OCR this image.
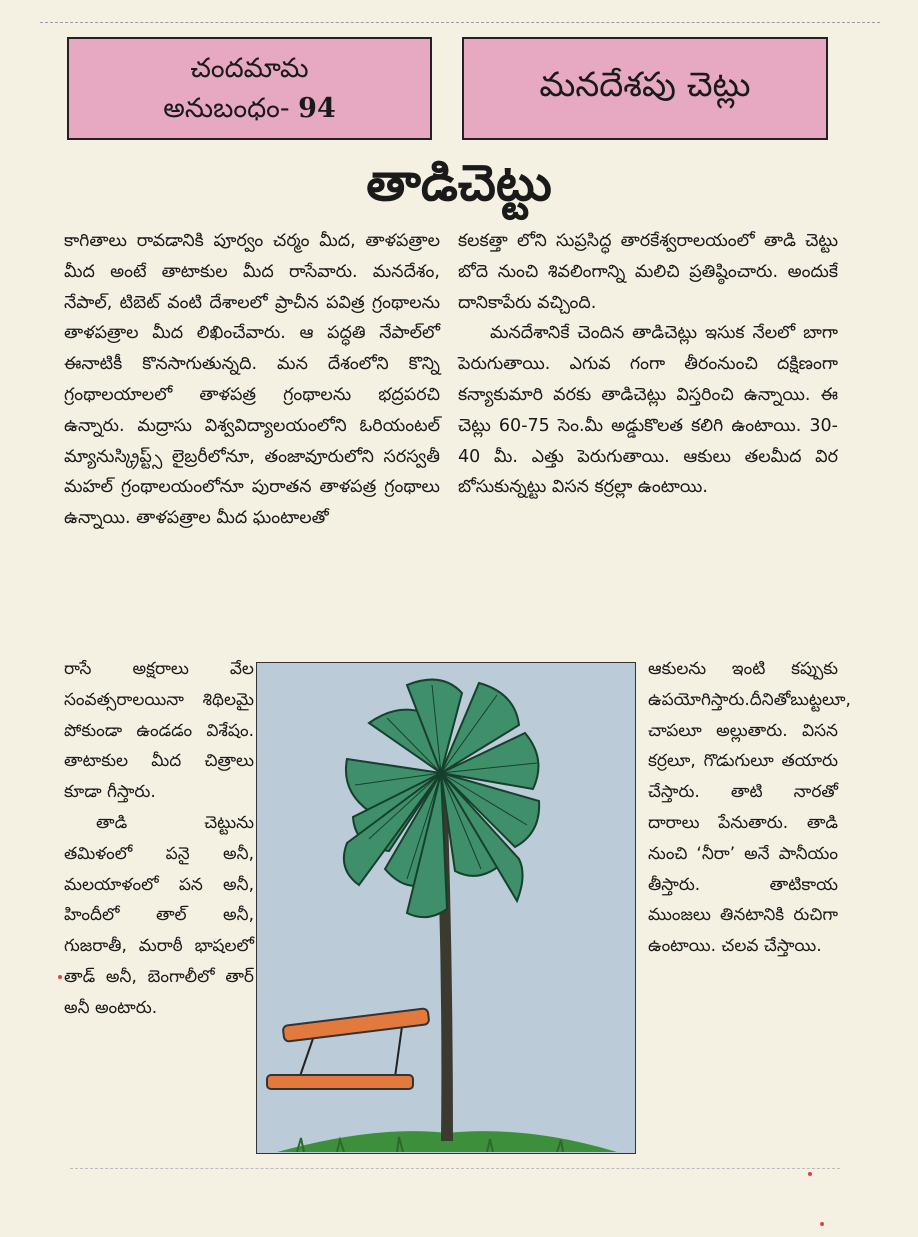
చందమామ
అనుబంధం- 94
మనదేశపు చెట్లు
తాడిచెట్టు

కాగితాలు రావడానికి పూర్వం చర్మం మీద, తాళపత్రాల మీద అంటే తాటాకుల మీద రాసేవారు. మనదేశం, నేపాల్, టిబెట్ వంటి దేశాలలో ప్రాచీన పవిత్ర గ్రంథాలను తాళపత్రాల మీద లిఖించేవారు. ఆ పద్ధతి నేపాల్‌లో ఈనాటికీ కొనసాగుతున్నది. మన దేశంలోని కొన్ని గ్రంథాలయాలలో తాళపత్ర గ్రంథాలను భద్రపరచి ఉన్నారు. మద్రాసు విశ్వవిద్యాలయంలోని ఓరియంటల్ మ్యానుస్క్రిప్ట్స్ లైబ్రరీలోనూ, తంజావూరులోని సరస్వతీ మహల్ గ్రంథాలయంలోనూ పురాతన తాళపత్ర గ్రంథాలు ఉన్నాయి. తాళపత్రాల మీద ఘంటాలతో

కలకత్తా లోని సుప్రసిద్ధ తారకేశ్వరాలయంలో తాడి చెట్టు బోదె నుంచి శివలింగాన్ని మలిచి ప్రతిష్ఠించారు. అందుకే దానికాపేరు వచ్చింది.

మనదేశానికే చెందిన తాడిచెట్లు ఇసుక నేలలో బాగా పెరుగుతాయి. ఎగువ గంగా తీరంనుంచి దక్షిణంగా కన్యాకుమారి వరకు తాడిచెట్లు విస్తరించి ఉన్నాయి. ఈ చెట్లు 60-75 సెం.మీ అడ్డుకొలత కలిగి ఉంటాయి. 30-40 మీ. ఎత్తు పెరుగుతాయి. ఆకులు తలమీద విర బోసుకున్నట్టు విసన కర్రల్లా ఉంటాయి.

రాసే అక్షరాలు వేల సంవత్సరాలయినా శిథిలమై పోకుండా ఉండడం విశేషం. తాటాకుల మీద చిత్రాలు కూడా గీస్తారు.

తాడి చెట్టును తమిళంలో పనై అనీ, మలయాళంలో పన అనీ, హిందీలో తాల్ అనీ, గుజరాతీ, మరాఠీ భాషలలో తాడ్ అనీ, బెంగాలీలో తార్ అనీ అంటారు.

ఆకులను ఇంటి కప్పుకు ఉపయోగిస్తారు.దీనితోబుట్టలూ, చాపలూ అల్లుతారు. విసన కర్రలూ, గొడుగులూ తయారు చేస్తారు. తాటి నారతో దారాలు పేనుతారు. తాడి నుంచి ‘నీరా’ అనే పానీయం తీస్తారు. తాటికాయ ముంజలు తినటానికి రుచిగా ఉంటాయి. చలవ చేస్తాయి.
